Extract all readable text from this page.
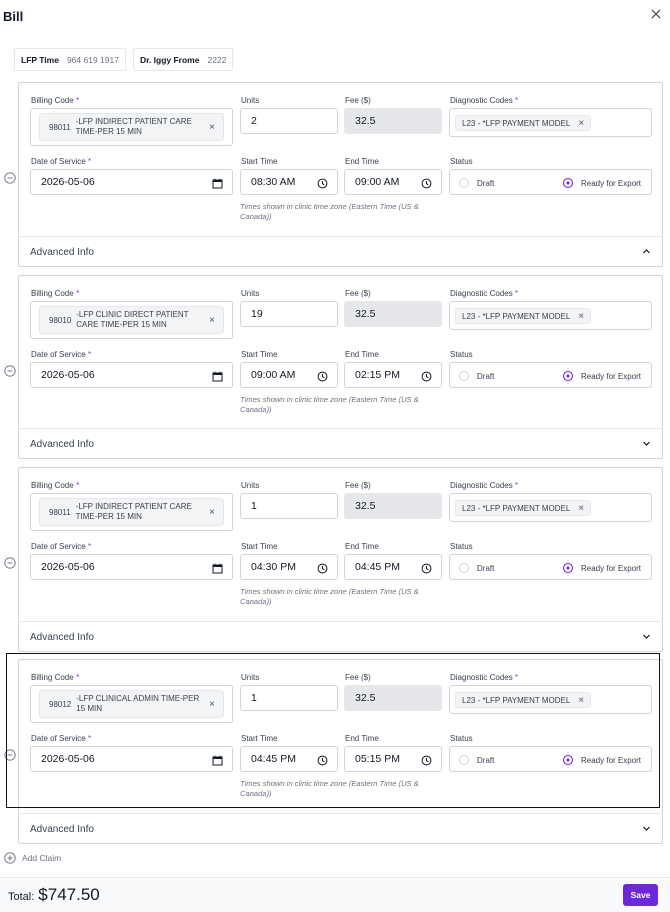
Bill
LFP Time 964 619 1917 Dr. Iggy Frome 2222
Billing Code *
98011
-LFP INDIRECT PATIENT CARE TIME-PER 15 MIN	×
Units
2
Fee ($)
32.5
Diagnostic Codes *
L23 - *LFP PAYMENT MODEL ×
Date of Service *
2026-05-06
Start Time
08:30 AM
End Time
09:00 AM
Status
Draft	Ready for Export
Times shown in clinic time zone (Eastern Time (US & Canada))
Billing Code *
98010
-LFP CLINIC DIRECT PATIENT CARE TIME-PER 15 MIN	×
Units
19
Fee ($)
32.5
Diagnostic Codes *
L23 - *LFP PAYMENT MODEL ×
Date of Service *
2026-05-06
Start Time
09:00 AM
End Time
02:15 PM
Status
Draft	Ready for Export
Times shown in clinic time zone (Eastern Time (US & Canada))
Billing Code *
98011
-LFP INDIRECT PATIENT CARE TIME-PER 15 MIN	×
Units
1
Fee ($)
32.5
Diagnostic Codes *
L23 - *LFP PAYMENT MODEL ×
Date of Service *
2026-05-06
Start Time
04:30 PM
End Time
04:45 PM
Status
Draft	Ready for Export
Times shown in clinic time zone (Eastern Time (US & Canada))
Billing Code *
98012
-LFP CLINICAL ADMIN TIME-PER 15 MIN	×
Units
1
Fee ($)
32.5
Diagnostic Codes *
L23 - *LFP PAYMENT MODEL ×
Date of Service *
2026-05-06
Start Time
04:45 PM
End Time
05:15 PM
Status
Draft	Ready for Export
Times shown in clinic time zone (Eastern Time (US & Canada))
Advanced Info
Advanced Info
Advanced Info
Advanced Info
Add Claim
Total: $747.50	Save
